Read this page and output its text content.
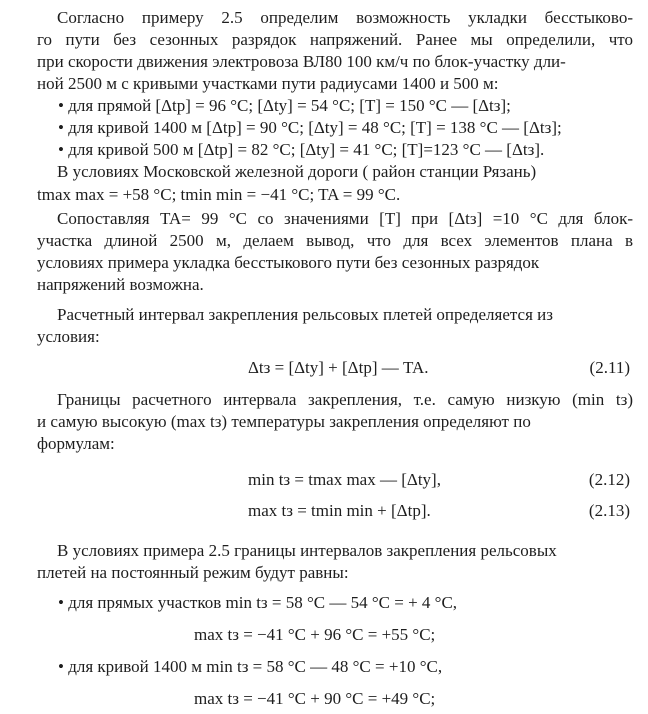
Согласно примеру 2.5 определим возможность укладки бесстыково-
го пути без сезонных разрядок напряжений. Ранее мы определили, что
при скорости движения электровоза ВЛ80 100 км/ч по блок-участку дли-
ной 2500 м с кривыми участками пути радиусами 1400 и 500 м:
• для прямой [Δtр] = 96 °C; [Δtу] = 54 °C; [T] = 150 °C — [Δtз];
• для кривой 1400 м [Δtр] = 90 °C; [Δtу] = 48 °C; [T] = 138 °C — [Δtз];
• для кривой 500 м [Δtр] = 82 °C; [Δtу] = 41 °C; [T]=123 °C — [Δtз].
В условиях Московской железной дороги ( район станции Рязань)
tmax max = +58 °C; tmin min = −41 °C; TA = 99 °C.
Сопоставляя TA= 99 °C со значениями [T] при [Δtз] =10 °C для блок-
участка длиной 2500 м, делаем вывод, что для всех элементов плана в
условиях примера укладка бесстыкового пути без сезонных разрядок
напряжений возможна.
Расчетный интервал закрепления рельсовых плетей определяется из
условия:
Δtз = [Δtу] + [Δtр] — TA.	(2.11)
Границы расчетного интервала закрепления, т.е. самую низкую (min tз)
и самую высокую (max tз) температуры закрепления определяют по
формулам:
min tз = tmax max — [Δtу],	(2.12)
max tз = tmin min + [Δtр].	(2.13)
В условиях примера 2.5 границы интервалов закрепления рельсовых
плетей на постоянный режим будут равны:
• для прямых участков min tз = 58 °C — 54 °C = + 4 °C,
max tз = −41 °C + 96 °C = +55 °C;
• для кривой 1400 м min tз = 58 °C — 48 °C = +10 °C,
max tз = −41 °C + 90 °C = +49 °C;
